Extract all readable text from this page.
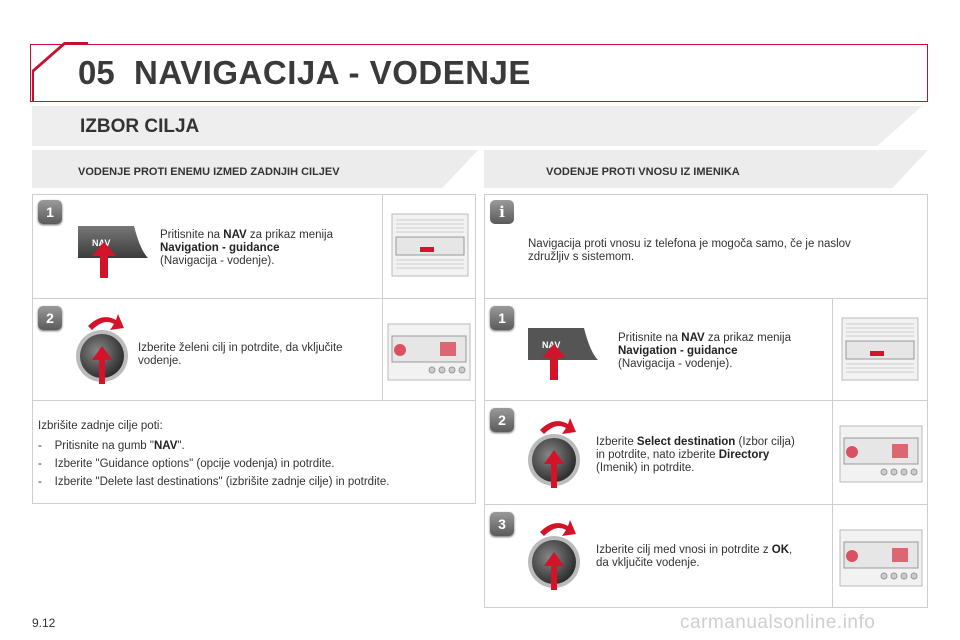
05 NAVIGACIJA - VODENJE
IZBOR CILJA
VODENJE PROTI ENEMU IZMED ZADNJIH CILJEV	VODENJE PROTI VNOSU IZ IMENIKA
1
NAV
Pritisnite na NAV za prikaz menija
Navigation - guidance
(Navigacija - vodenje).
2
Izberite želeni cilj in potrdite, da vključite
vodenje.
Izbrišite zadnje cilje poti:
- Pritisnite na gumb "NAV".
- Izberite "Guidance options" (opcije vodenja) in potrdite.
- Izberite "Delete last destinations" (izbrišite zadnje cilje) in potrdite.
i
Navigacija proti vnosu iz telefona je mogoča samo, če je naslov
združljiv s sistemom.
1
NAV
Pritisnite na NAV za prikaz menija
Navigation - guidance
(Navigacija - vodenje).
2
Izberite Select destination (Izbor cilja)
in potrdite, nato izberite Directory
(Imenik) in potrdite.
3
Izberite cilj med vnosi in potrdite z OK,
da vključite vodenje.
9.12	carmanualsonline.info
